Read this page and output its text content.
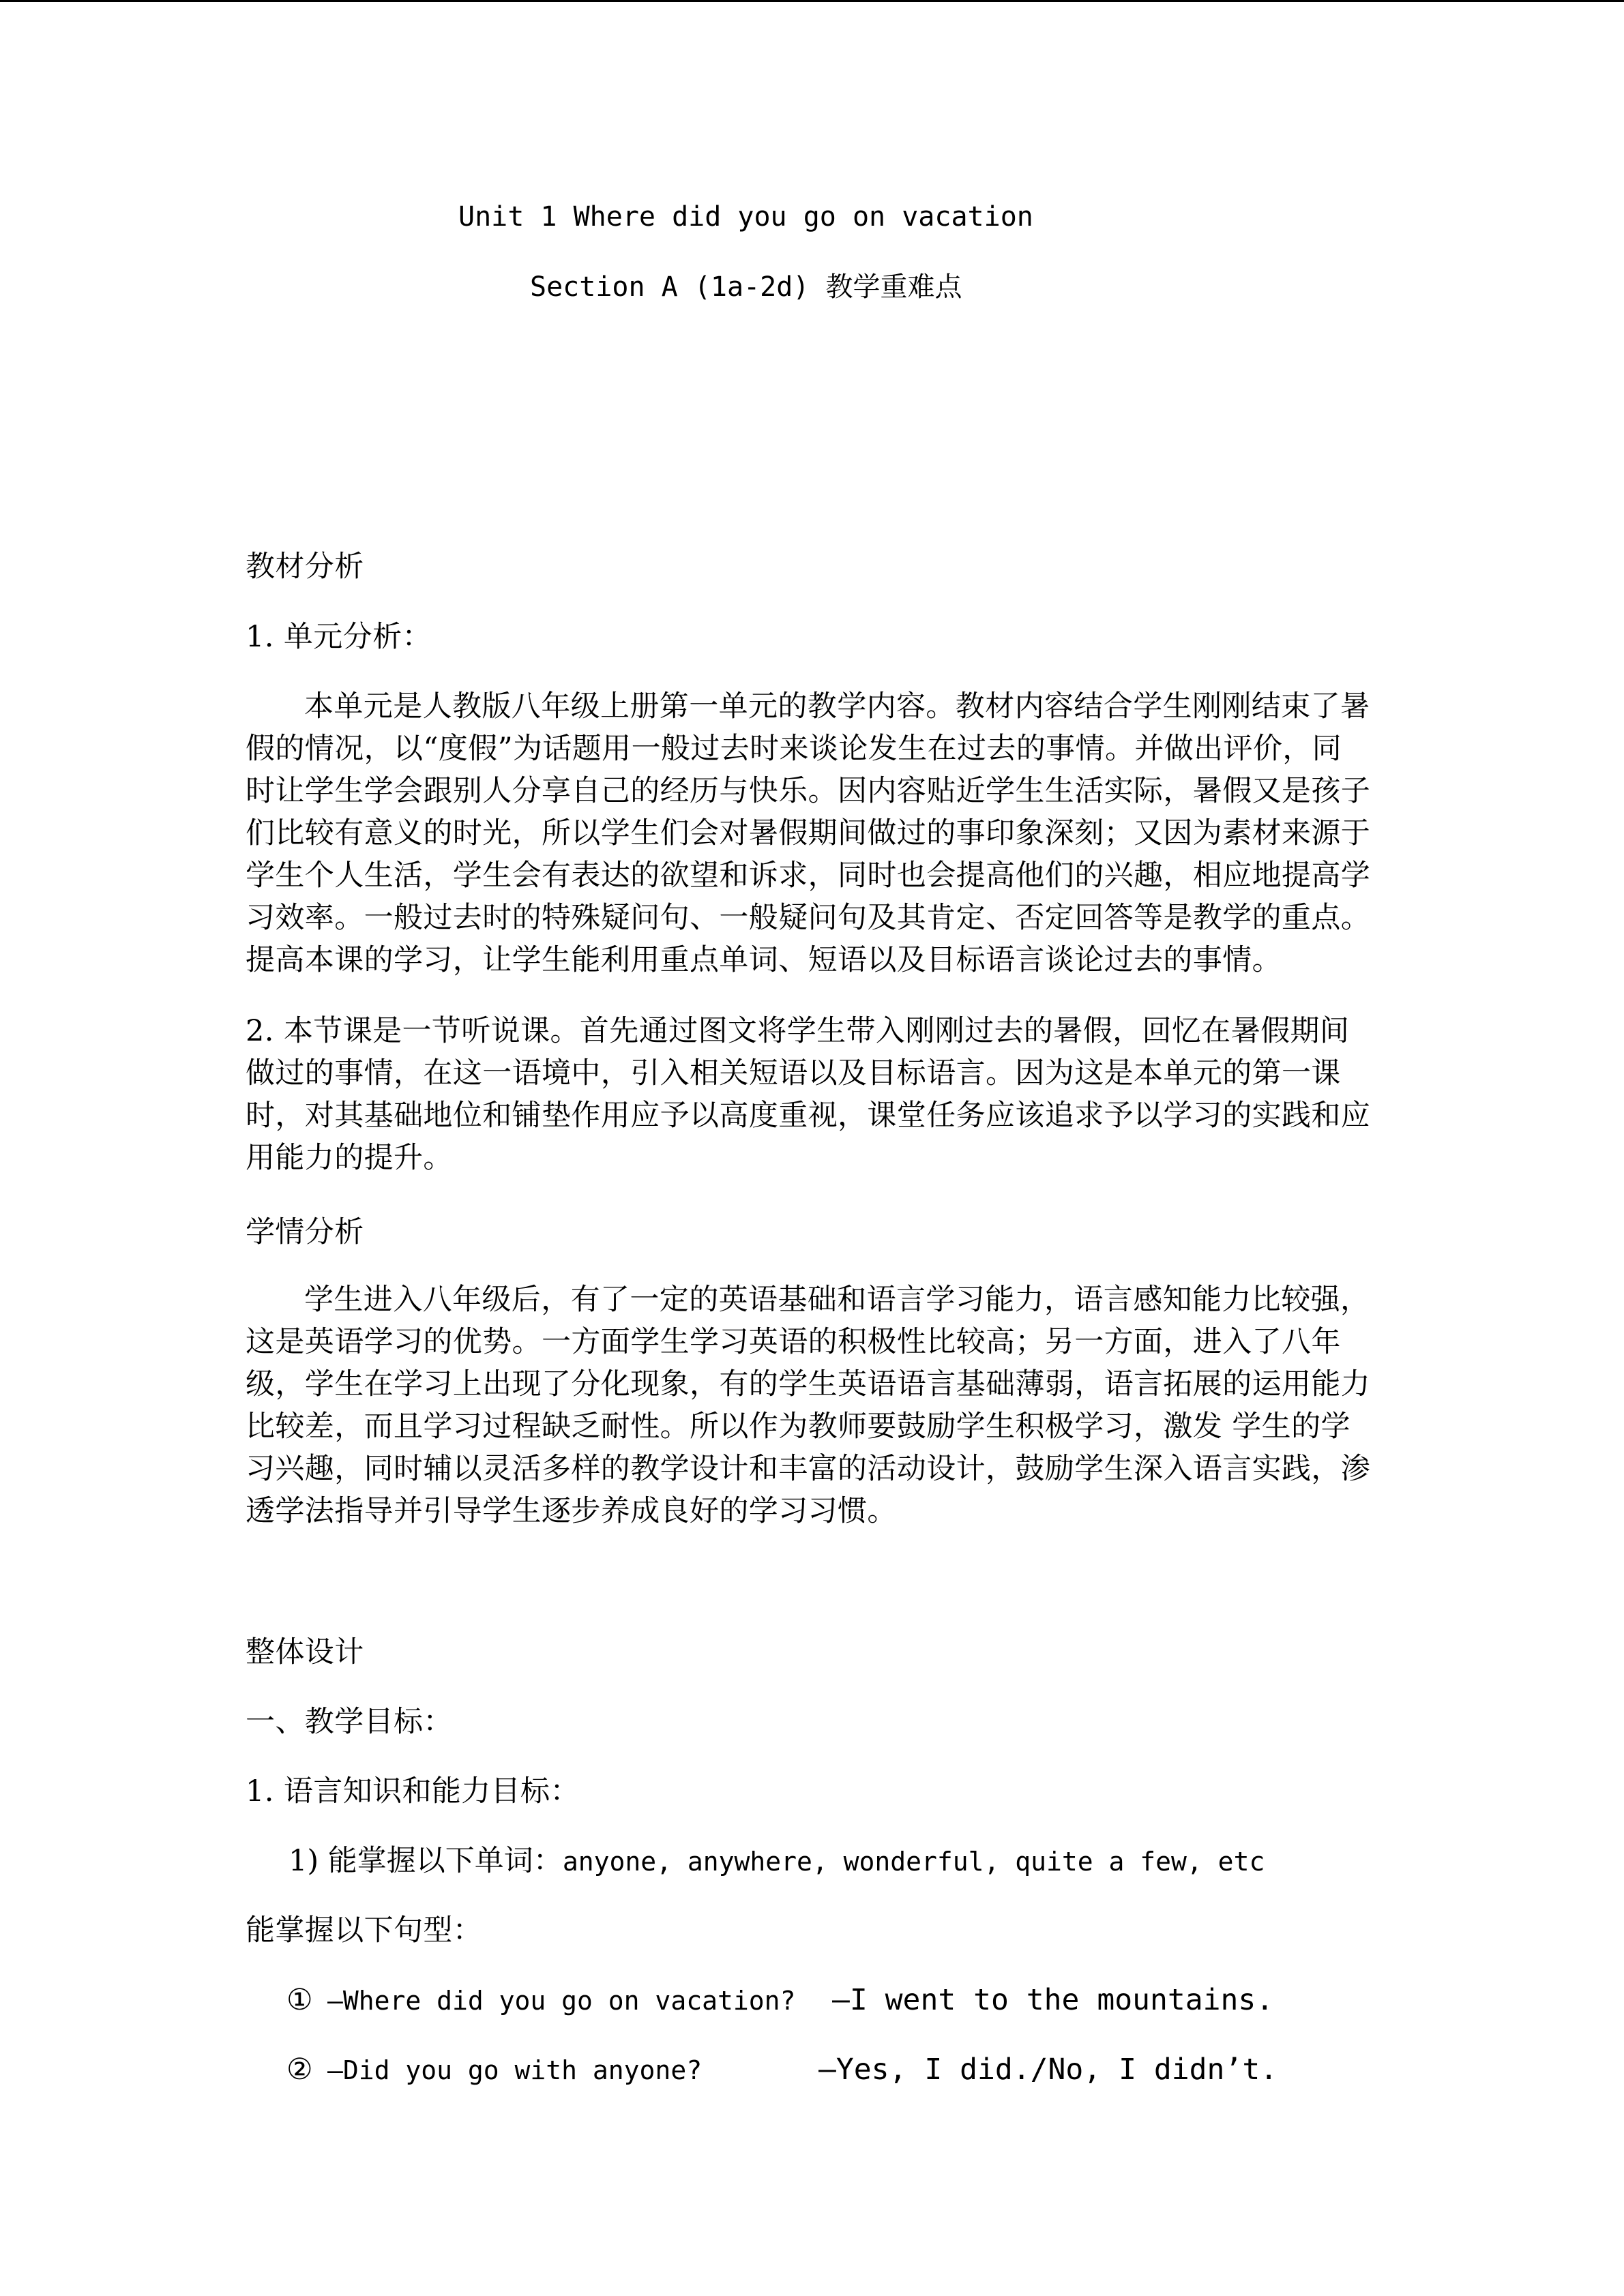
Unit 1 Where did you go on vacation
Section A (1a-2d) 教学重难点

教材分析

1. 单元分析：

本单元是人教版八年级上册第一单元的教学内容。教材内容结合学生刚刚结束了暑假的情况，以“度假”为话题用一般过去时来谈论发生在过去的事情。并做出评价，同时让学生学会跟别人分享自己的经历与快乐。因内容贴近学生生活实际，暑假又是孩子们比较有意义的时光，所以学生们会对暑假期间做过的事印象深刻；又因为素材来源于学生个人生活，学生会有表达的欲望和诉求，同时也会提高他们的兴趣，相应地提高学习效率。一般过去时的特殊疑问句、一般疑问句及其肯定、否定回答等是教学的重点。提高本课的学习，让学生能利用重点单词、短语以及目标语言谈论过去的事情。

2. 本节课是一节听说课。首先通过图文将学生带入刚刚过去的暑假，回忆在暑假期间做过的事情，在这一语境中，引入相关短语以及目标语言。因为这是本单元的第一课时，对其基础地位和铺垫作用应予以高度重视，课堂任务应该追求予以学习的实践和应用能力的提升。

学情分析

学生进入八年级后，有了一定的英语基础和语言学习能力，语言感知能力比较强，这是英语学习的优势。一方面学生学习英语的积极性比较高；另一方面，进入了八年级，学生在学习上出现了分化现象，有的学生英语语言基础薄弱，语言拓展的运用能力比较差，而且学习过程缺乏耐性。所以作为教师要鼓励学生积极学习，激发 学生的学习兴趣，同时辅以灵活多样的教学设计和丰富的活动设计，鼓励学生深入语言实践，渗透学法指导并引导学生逐步养成良好的学习习惯。

整体设计

一、教学目标：

1. 语言知识和能力目标：

1) 能掌握以下单词：anyone, anywhere, wonderful, quite a few, etc

能掌握以下句型：

① —Where did you go on vacation? —I went to the mountains.
② —Did you go with anyone?	—Yes, I did./No, I didn’t.
